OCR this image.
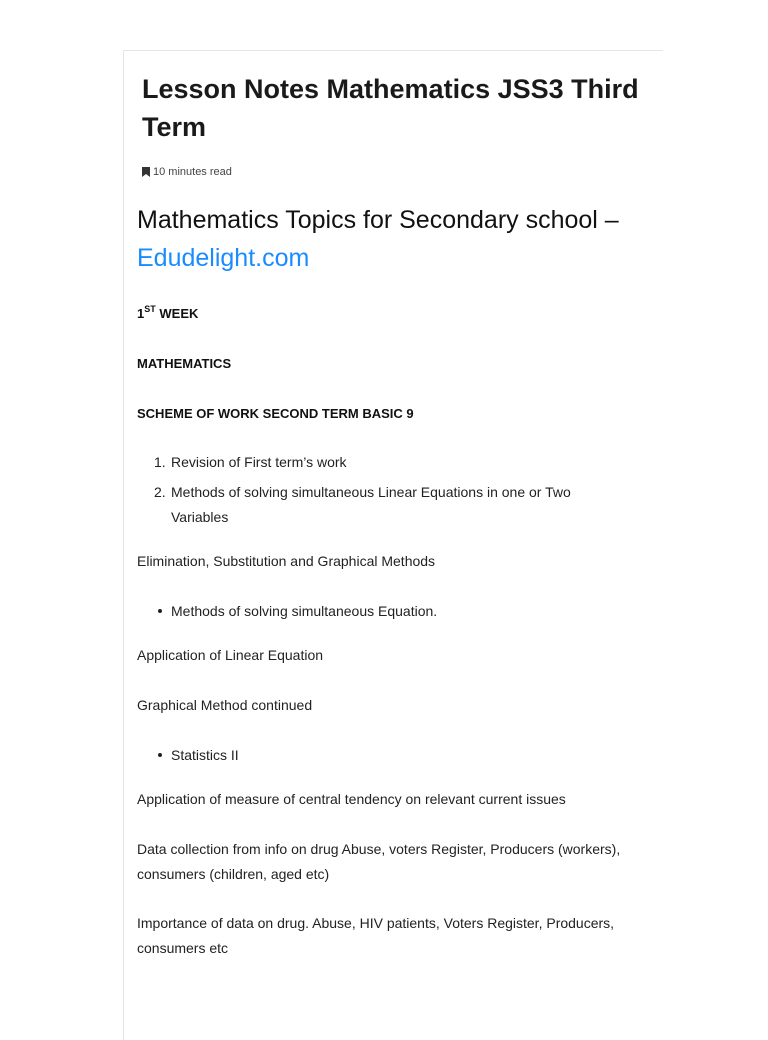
Lesson Notes Mathematics JSS3 Third Term
10 minutes read
Mathematics Topics for Secondary school – Edudelight.com

1ST WEEK

MATHEMATICS

SCHEME OF WORK SECOND TERM BASIC 9

1. Revision of First term’s work
2. Methods of solving simultaneous Linear Equations in one or Two Variables

Elimination, Substitution and Graphical Methods

Methods of solving simultaneous Equation.

Application of Linear Equation

Graphical Method continued

Statistics II

Application of measure of central tendency on relevant current issues

Data collection from info on drug Abuse, voters Register, Producers (workers), consumers (children, aged etc)

Importance of data on drug. Abuse, HIV patients, Voters Register, Producers, consumers etc
